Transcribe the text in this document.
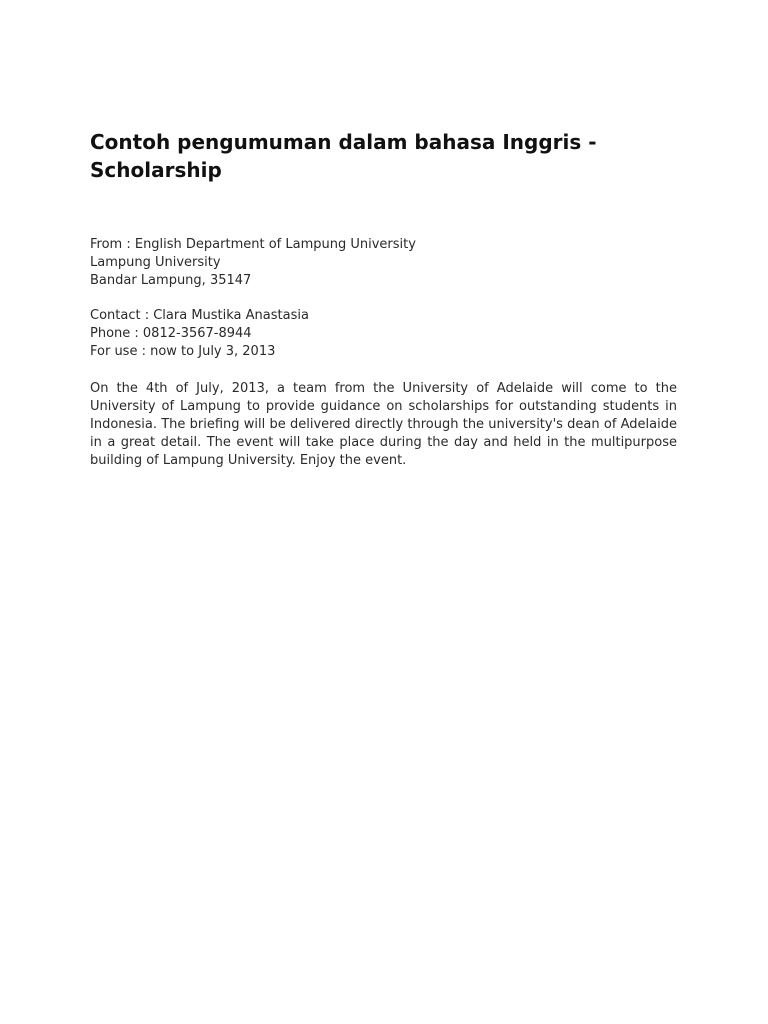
Contoh pengumuman dalam bahasa Inggris -
Scholarship
From : English Department of Lampung University
Lampung University
Bandar Lampung, 35147
Contact : Clara Mustika Anastasia
Phone : 0812-3567-8944
For use : now to July 3, 2013

On the 4th of July, 2013, a team from the University of Adelaide will come to the University of Lampung to provide guidance on scholarships for outstanding students in Indonesia. The briefing will be delivered directly through the university's dean of Adelaide in a great detail. The event will take place during the day and held in the multipurpose building of Lampung University. Enjoy the event.
